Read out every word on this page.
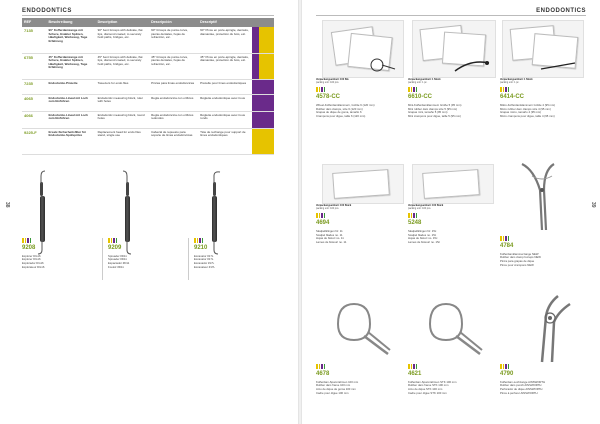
ENDODONTICS
38
REF	Beschreibung	Description	Descripción	Descriptif	
7135	90° Kofferdamzange mit Schere, Exakter Spitzen, Häufigkeit, Werkzeug, Tage Erfahrung	90° bent forceps with delicate, flat tips, diamond coated, to securely hold paths, bridges, etc.	90° fórceps de punta curva, piezas dentales, hojas de refracción, etc.	90° Pince en porte-épingle, dentaire, diamantée, protection du bois, etc.	

6755	45° Kofferdamzange mit Schere, Exakter Spitzen, Häufigkeit, Werkzeug, Tage Erfahrung	45° bent forceps with delicate, flat tips, diamond coated, to securely hold paths, bridges, etc.	45° fórceps de punta curva, piezas dentales, hojas de refracción, etc.	45° Pince en porte-épingle, dentaire, diamantée, protection du bois, etc.	

7235	Endodontie-Pinzette	Tweezers for endo files	Pinzas para limas endodóncicas	Précelle pour limes endodontiques	

4065	Endodontie-Lineal mit Loch zum Einführen	Endodontic measuring block, ruler with holes	Regla endodóncica con orificios	Réglette endodontique avec trous	

4066	Endodontie-Lineal mit Loch zum Einführen	Endodontic measuring block, round holes	Regla endodóncica con orificios redondos	Réglette endodontique avec trous ronds	

9225-F	Ersatz-Sicherheitsfilter für Endodontie-Spülspritze	Replacement head for endo files stand, single use	Cabezal de repuesto para soporte de limas endodóncicas	Tête de rechange pour support de limes endodontiques	
9208
Explorer DG16
Explorer DG16
Explorador DG16
Explorateur DG16
9209
Spreader #D11
Spreader #D11
Espaciador #D11
Fouloir #D11
9210
Excavator #17L
Excavator #17L
Excavador #17L
Excavateur #17L
ENDODONTICS
39
Verpackungseinheit: 100 Stk.
packing unit: 100 pcs.
4578-CC
Wheel-Kofferdamklammern, Größe 6 (120 mm)
Rubber dam clamps, size 6 (120 mm)
Grapas de dique de goma, tamaño 6
Crampons pour digue, taille 6 (120 mm)
Verpackungseinheit: 1 Stück
packing unit: 1 pc.
6610-CC
Mini-Kofferdamklammern Größe 5 (95 mm)
Mini rubber dam clamps size 5 (95 mm)
Grapas mini, tamaño 5 (95 mm)
Mini crampons pour digue, taille 5 (95 mm)
Verpackungseinheit: 1 Stück
packing unit: 1 pc.
6414-CC
Mikro-Kofferdamklammern Größe 4 (95 mm)
Micro rubber dam clamps size 4 (95 mm)
Grapas micro, tamaño 4 (95 mm)
Micro crampons pour digue, taille 4 (95 mm)
Verpackungseinheit: 100 Stück
packing unit: 100 pcs.
4694
Skalpellklingen Nr. 11
Scalpel blades no. 11
Hojas de bisturí no. 11
Lames de bistouri no. 11
Verpackungseinheit: 100 Stück
packing unit: 100 pcs.
5248
Skalpellklingen Nr. 15c
Scalpel blades no. 15c
Hojas de bisturí no. 15c
Lames de bistouri no. 15c
4784
Kofferdamklammerzange NEW
Rubber dam clamp forceps NEW
Pinza para grapas de dique
Pince pour crampons NEW
4678
Kofferdam-Spannrahmen 100 mm
Rubber dam frame 100 mm
Arco de dique de goma 100 mm
Cadre pour digue 100 mm
4621
Kofferdam-Spannrahmen STK 100 mm
Rubber dam frame STK 100 mm
Arco de dique STK 100 mm
Cadre pour digue STK 100 mm
4790
Kofferdam-Lochzange AINSWORTH
Rubber dam punch AINSWORTH
Perforador de dique AINSWORTH
Pince à perforer AINSWORTH
